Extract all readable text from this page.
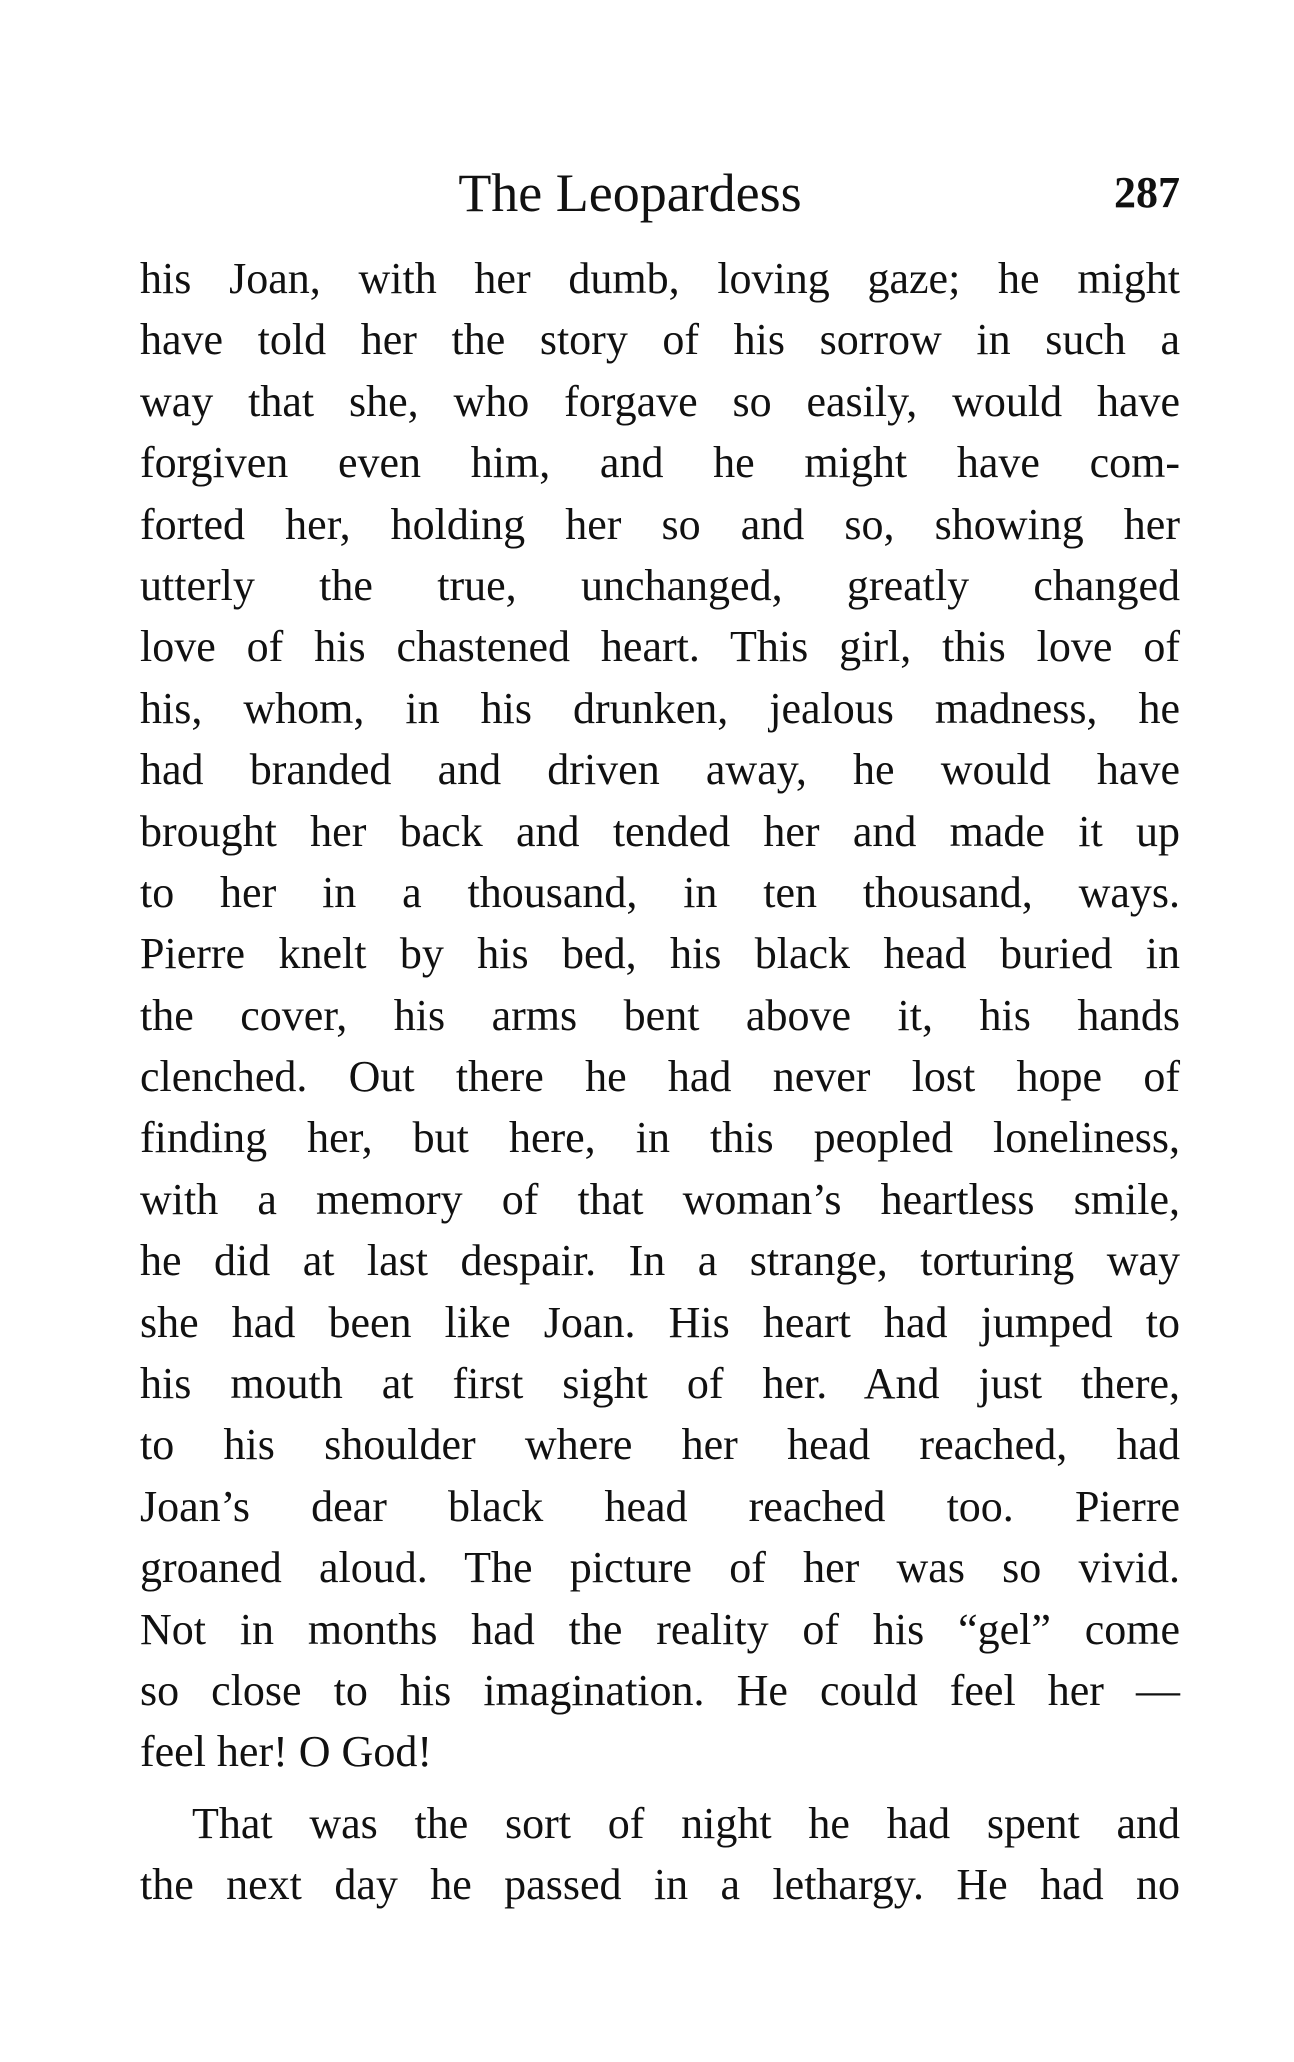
The Leopardess	287
his Joan, with her dumb, loving gaze; he might
have told her the story of his sorrow in such a
way that she, who forgave so easily, would have
forgiven even him, and he might have com-
forted her, holding her so and so, showing her
utterly the true, unchanged, greatly changed
love of his chastened heart. This girl, this love of
his, whom, in his drunken, jealous madness, he
had branded and driven away, he would have
brought her back and tended her and made it up
to her in a thousand, in ten thousand, ways.
Pierre knelt by his bed, his black head buried in
the cover, his arms bent above it, his hands
clenched. Out there he had never lost hope of
finding her, but here, in this peopled loneliness,
with a memory of that woman’s heartless smile,
he did at last despair. In a strange, torturing way
she had been like Joan. His heart had jumped to
his mouth at first sight of her. And just there,
to his shoulder where her head reached, had
Joan’s dear black head reached too. Pierre
groaned aloud. The picture of her was so vivid.
Not in months had the reality of his “gel” come
so close to his imagination. He could feel her —
feel her! O God!
That was the sort of night he had spent and
the next day he passed in a lethargy. He had no
